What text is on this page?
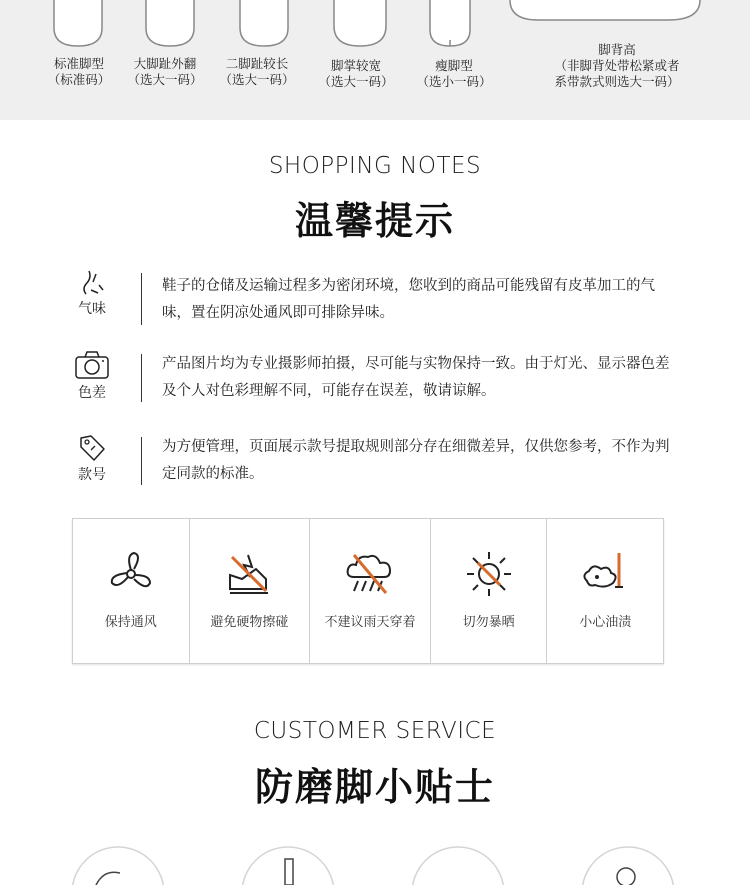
标准脚型
（标准码）
大脚趾外翻
（选大一码）
二脚趾较长
（选大一码）
脚掌较宽
（选大一码）
瘦脚型
（选小一码）
脚背高
（非脚背处带松紧或者
系带款式则选大一码）
SHOPPING NOTES
温馨提示
气味
鞋子的仓储及运输过程多为密闭环境，您收到的商品可能残留有皮革加工的气味，置在阴凉处通风即可排除异味。
色差
产品图片均为专业摄影师拍摄，尽可能与实物保持一致。由于灯光、显示器色差及个人对色彩理解不同，可能存在误差，敬请谅解。
款号
为方便管理，页面展示款号提取规则部分存在细微差异，仅供您参考，不作为判定同款的标准。
保持通风	避免硬物擦碰	不建议雨天穿着	切勿暴晒	小心油渍
CUSTOMER SERVICE
防磨脚小贴士
